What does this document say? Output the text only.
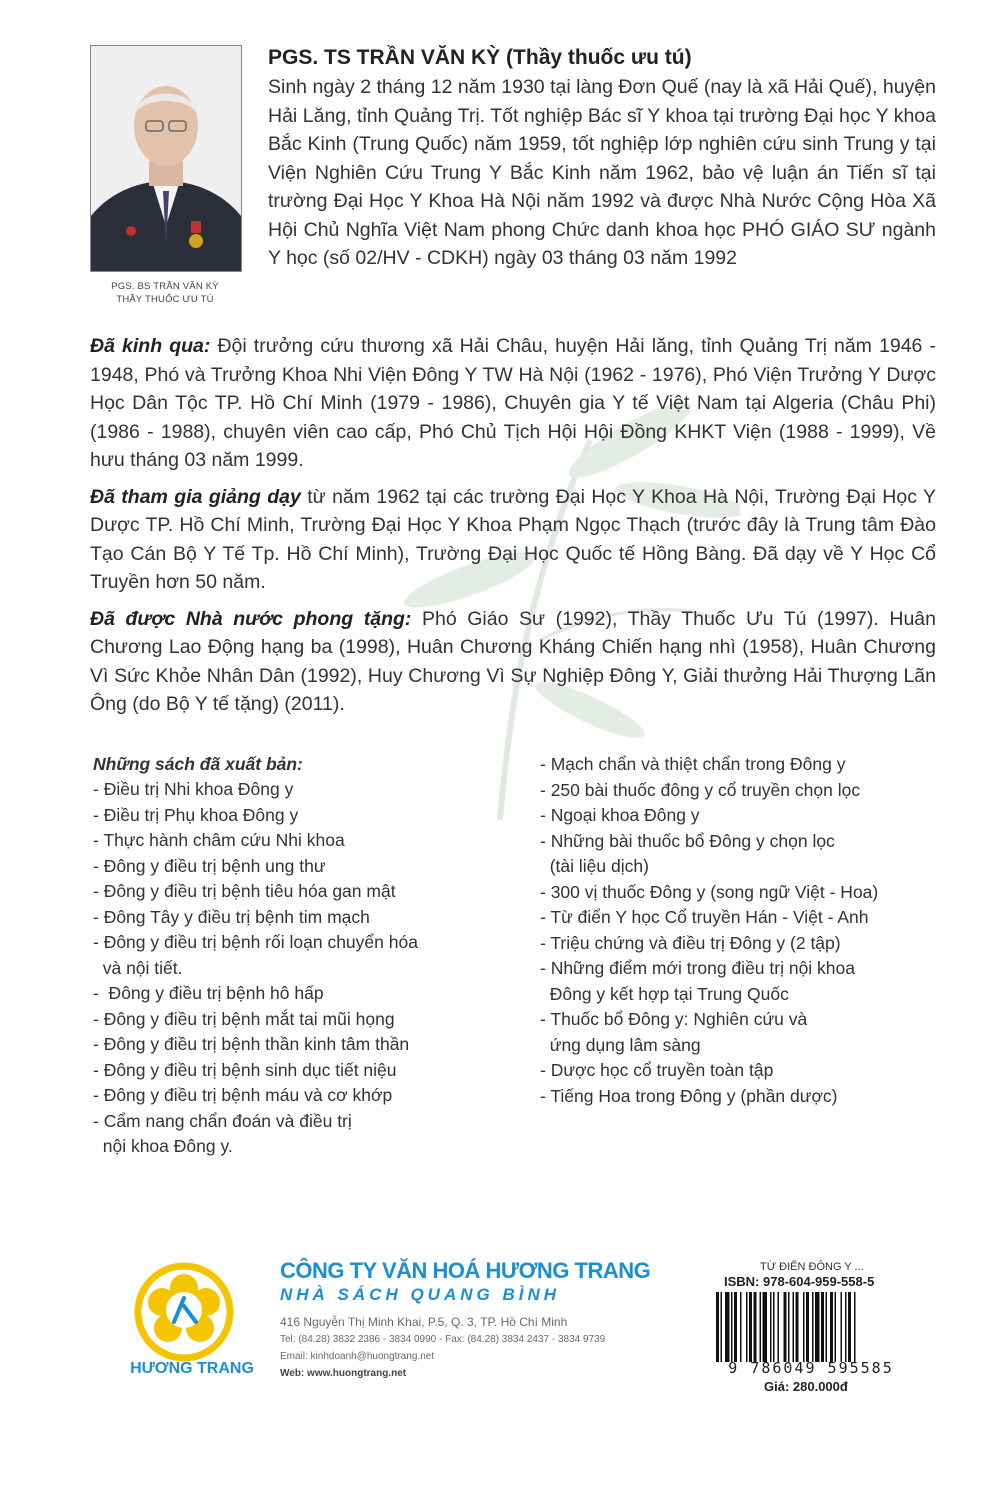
PGS. BS TRẦN VĂN KỲ
THẦY THUỐC ƯU TÚ

PGS. TS TRẦN VĂN KỲ (Thầy thuốc ưu tú)

Sinh ngày 2 tháng 12 năm 1930 tại làng Đơn Quế (nay là xã Hải Quế), huyện Hải Lăng, tỉnh Quảng Trị. Tốt nghiệp Bác sĩ Y khoa tại trường Đại học Y khoa Bắc Kinh (Trung Quốc) năm 1959, tốt nghiệp lớp nghiên cứu sinh Trung y tại Viện Nghiên Cứu Trung Y Bắc Kinh năm 1962, bảo vệ luận án Tiến sĩ tại trường Đại Học Y Khoa Hà Nội năm 1992 và được Nhà Nước Cộng Hòa Xã Hội Chủ Nghĩa Việt Nam phong Chức danh khoa học PHÓ GIÁO SƯ ngành Y học (số 02/HV - CDKH) ngày 03 tháng 03 năm 1992

Đã kinh qua: Đội trưởng cứu thương xã Hải Châu, huyện Hải lăng, tỉnh Quảng Trị năm 1946 - 1948, Phó và Trưởng Khoa Nhi Viện Đông Y TW Hà Nội (1962 - 1976), Phó Viện Trưởng Y Dược Học Dân Tộc TP. Hồ Chí Minh (1979 - 1986), Chuyên gia Y tế Việt Nam tại Algeria (Châu Phi) (1986 - 1988), chuyên viên cao cấp, Phó Chủ Tịch Hội Hội Đồng KHKT Viện (1988 - 1999), Về hưu tháng 03 năm 1999.

Đã tham gia giảng dạy từ năm 1962 tại các trường Đại Học Y Khoa Hà Nội, Trường Đại Học Y Dược TP. Hồ Chí Minh, Trường Đại Học Y Khoa Phạm Ngọc Thạch (trước đây là Trung tâm Đào Tạo Cán Bộ Y Tế Tp. Hồ Chí Minh), Trường Đại Học Quốc tế Hồng Bàng. Đã dạy về Y Học Cổ Truyền hơn 50 năm.

Đã được Nhà nước phong tặng: Phó Giáo Sư (1992), Thầy Thuốc Ưu Tú (1997). Huân Chương Lao Động hạng ba (1998), Huân Chương Kháng Chiến hạng nhì (1958), Huân Chương Vì Sức Khỏe Nhân Dân (1992), Huy Chương Vì Sự Nghiệp Đông Y, Giải thưởng Hải Thượng Lãn Ông (do Bộ Y tế tặng) (2011).

Những sách đã xuất bản:

- Điều trị Nhi khoa Đông y
- Điều trị Phụ khoa Đông y
- Thực hành châm cứu Nhi khoa
- Đông y điều trị bệnh ung thư
- Đông y điều trị bệnh tiêu hóa gan mật
- Đông Tây y điều trị bệnh tim mạch
- Đông y điều trị bệnh rối loạn chuyển hóa
và nội tiết.
-  Đông y điều trị bệnh hô hấp
- Đông y điều trị bệnh mắt tai mũi họng
- Đông y điều trị bệnh thần kinh tâm thần
- Đông y điều trị bệnh sinh dục tiết niệu
- Đông y điều trị bệnh máu và cơ khớp
- Cẩm nang chẩn đoán và điều trị
nội khoa Đông y.
- Mạch chẩn và thiệt chẩn trong Đông y
- 250 bài thuốc đông y cổ truyền chọn lọc
- Ngoại khoa Đông y
- Những bài thuốc bổ Đông y chọn lọc
(tài liệu dịch)
- 300 vị thuốc Đông y (song ngữ Việt - Hoa)
- Từ điển Y học Cổ truyền Hán - Việt - Anh
- Triệu chứng và điều trị Đông y (2 tập)
- Những điểm mới trong điều trị nội khoa
Đông y kết hợp tại Trung Quốc
- Thuốc bổ Đông y: Nghiên cứu và
ứng dụng lâm sàng
- Dược học cổ truyền toàn tập
- Tiếng Hoa trong Đông y (phần dược)
HƯƠNG TRANG

CÔNG TY VĂN HOÁ HƯƠNG TRANG

NHÀ SÁCH QUANG BÌNH

416 Nguyễn Thị Minh Khai, P.5, Q. 3, TP. Hồ Chí Minh

Tel: (84.28) 3832 2386 - 3834 0990 - Fax: (84.28) 3834 2437 - 3834 9739

Email: kinhdoanh@huongtrang.net

Web: www.huongtrang.net

TỪ ĐIỂN ĐÔNG Y ...

ISBN: 978-604-959-558-5

9 786049 595585

Giá: 280.000đ
